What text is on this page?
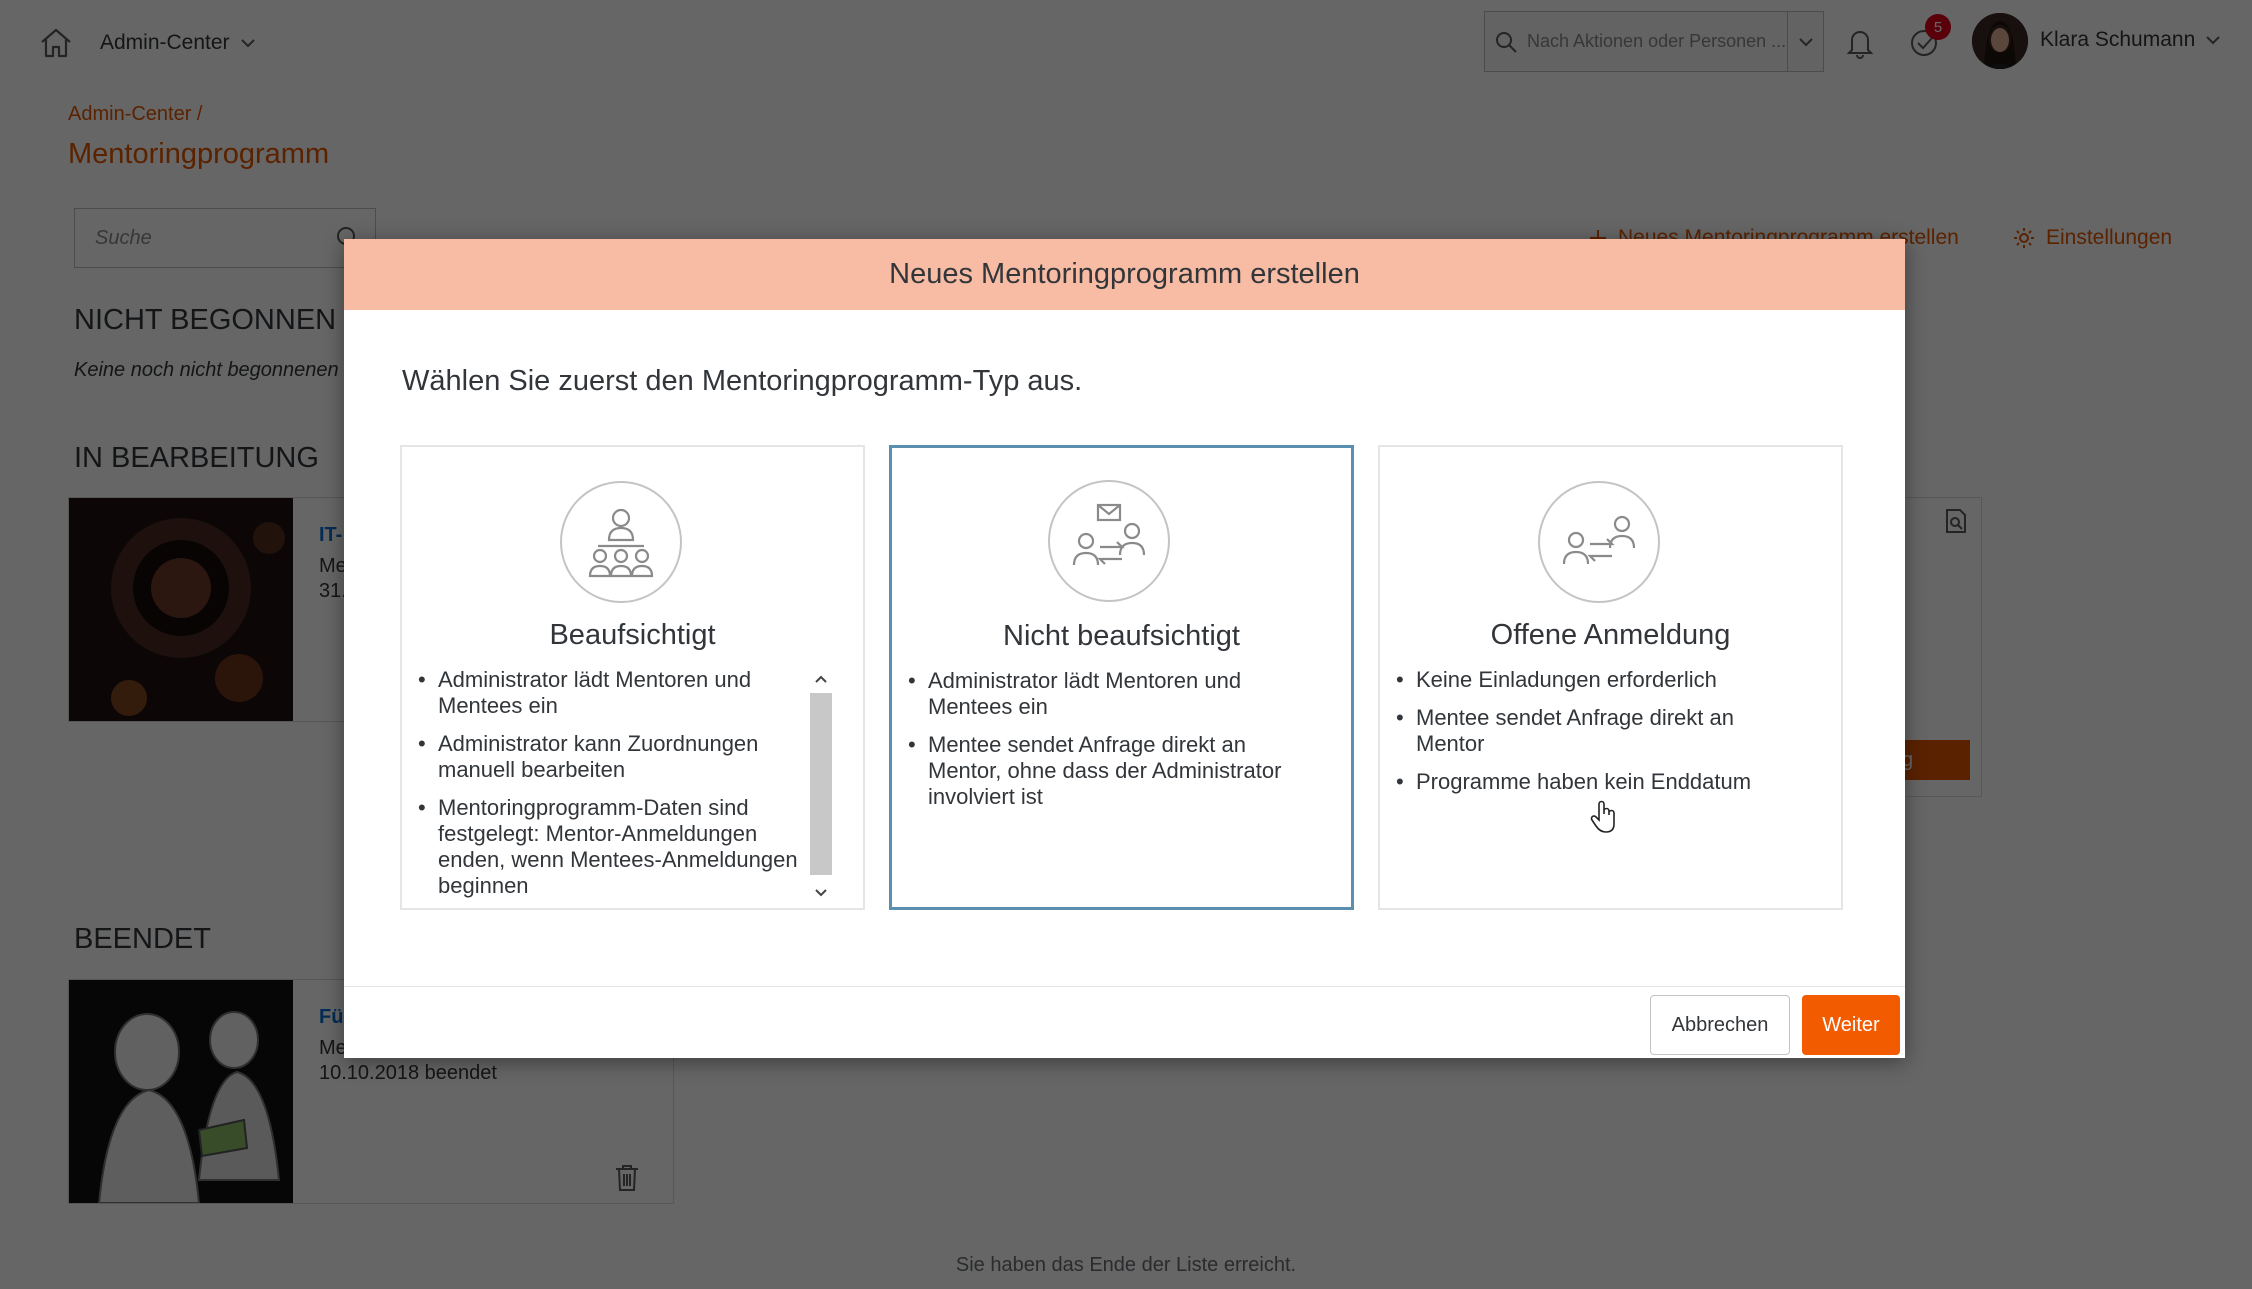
Neues Mentoringprogramm erstellen
Wählen Sie zuerst den Mentoringprogramm-Typ aus.
Beaufsichtigt
• Administrator lädt Mentoren und Mentees ein
• Administrator kann Zuordnungen manuell bearbeiten
• Mentoringprogramm-Daten sind festgelegt: Mentor-Anmeldungen enden, wenn Mentees-Anmeldungen beginnen
Nicht beaufsichtigt
• Administrator lädt Mentoren und Mentees ein
• Mentee sendet Anfrage direkt an Mentor, ohne dass der Administrator involviert ist
Offene Anmeldung
• Keine Einladungen erforderlich
• Mentee sendet Anfrage direkt an Mentor
• Programme haben kein Enddatum
Abbrechen	Weiter
